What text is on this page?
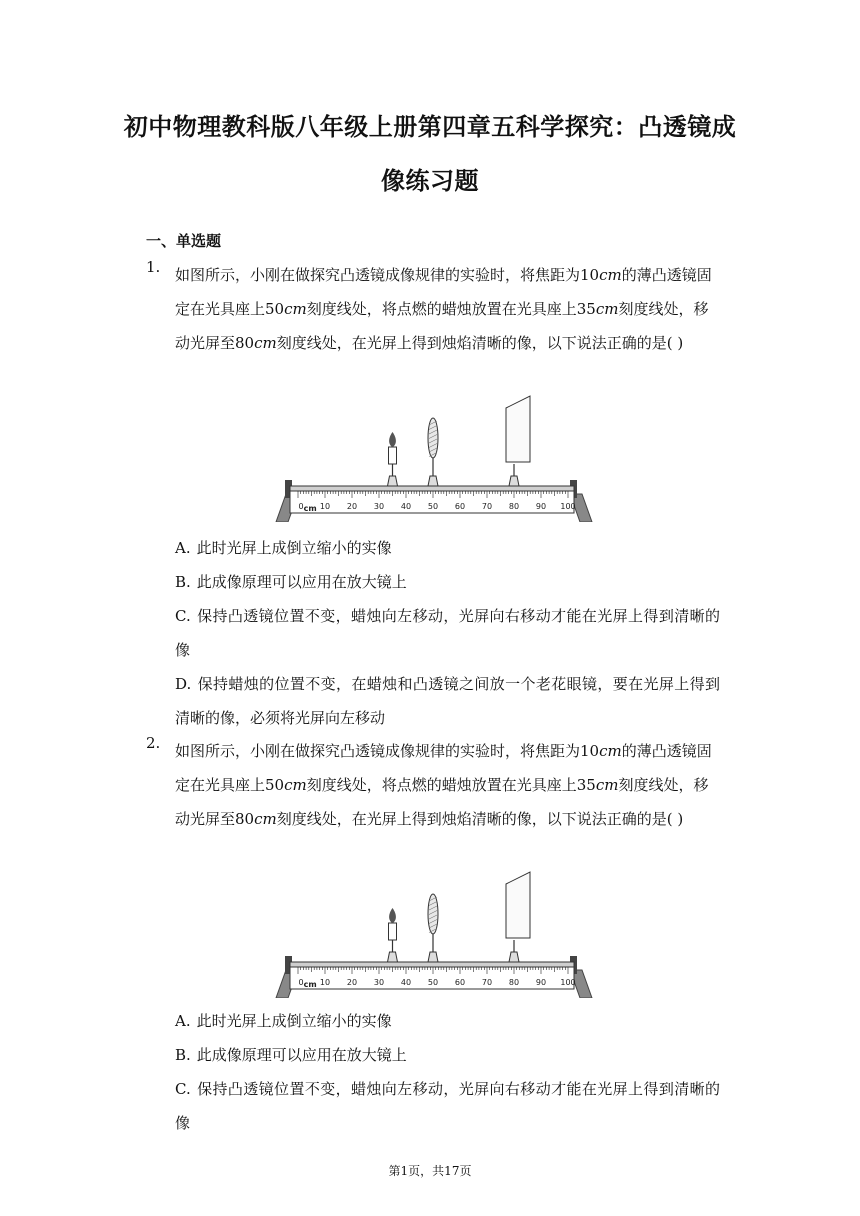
初中物理教科版八年级上册第四章五科学探究：凸透镜成
像练习题
一、单选题
1. 如图所示，小刚在做探究凸透镜成像规律的实验时，将焦距为10cm的薄凸透镜固
定在光具座上50cm刻度线处，将点燃的蜡烛放置在光具座上35cm刻度线处，移
动光屏至80cm刻度线处，在光屏上得到烛焰清晰的像，以下说法正确的是( )
0 10 20 30 40 50 60 70 80 90 100
cm
A. 此时光屏上成倒立缩小的实像
B. 此成像原理可以应用在放大镜上
C. 保持凸透镜位置不变，蜡烛向左移动，光屏向右移动才能在光屏上得到清晰的像
D. 保持蜡烛的位置不变，在蜡烛和凸透镜之间放一个老花眼镜，要在光屏上得到清晰的像，必须将光屏向左移动
2. 如图所示，小刚在做探究凸透镜成像规律的实验时，将焦距为10cm的薄凸透镜固
定在光具座上50cm刻度线处，将点燃的蜡烛放置在光具座上35cm刻度线处，移
动光屏至80cm刻度线处，在光屏上得到烛焰清晰的像，以下说法正确的是( )
0 10 20 30 40 50 60 70 80 90 100
cm
A. 此时光屏上成倒立缩小的实像
B. 此成像原理可以应用在放大镜上
C. 保持凸透镜位置不变，蜡烛向左移动，光屏向右移动才能在光屏上得到清晰的像
第1页，共17页
